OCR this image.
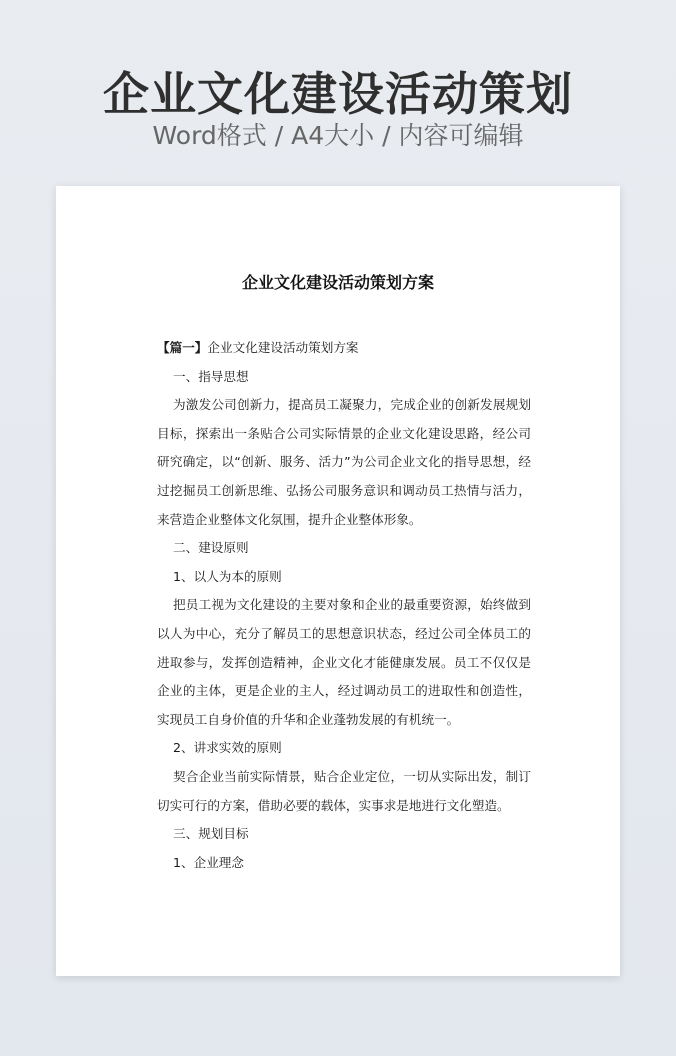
企业文化建设活动策划
Word格式 / A4大小 / 内容可编辑
企业文化建设活动策划方案

【篇一】企业文化建设活动策划方案

一、指导思想

为激发公司创新力，提高员工凝聚力，完成企业的创新发展规划目标，探索出一条贴合公司实际情景的企业文化建设思路，经公司研究确定，以“创新、服务、活力”为公司企业文化的指导思想，经过挖掘员工创新思维、弘扬公司服务意识和调动员工热情与活力，来营造企业整体文化氛围，提升企业整体形象。

二、建设原则

1、以人为本的原则

把员工视为文化建设的主要对象和企业的最重要资源，始终做到以人为中心，充分了解员工的思想意识状态，经过公司全体员工的进取参与，发挥创造精神，企业文化才能健康发展。员工不仅仅是企业的主体，更是企业的主人，经过调动员工的进取性和创造性，实现员工自身价值的升华和企业蓬勃发展的有机统一。

2、讲求实效的原则

契合企业当前实际情景，贴合企业定位，一切从实际出发，制订切实可行的方案，借助必要的载体，实事求是地进行文化塑造。

三、规划目标

1、企业理念
